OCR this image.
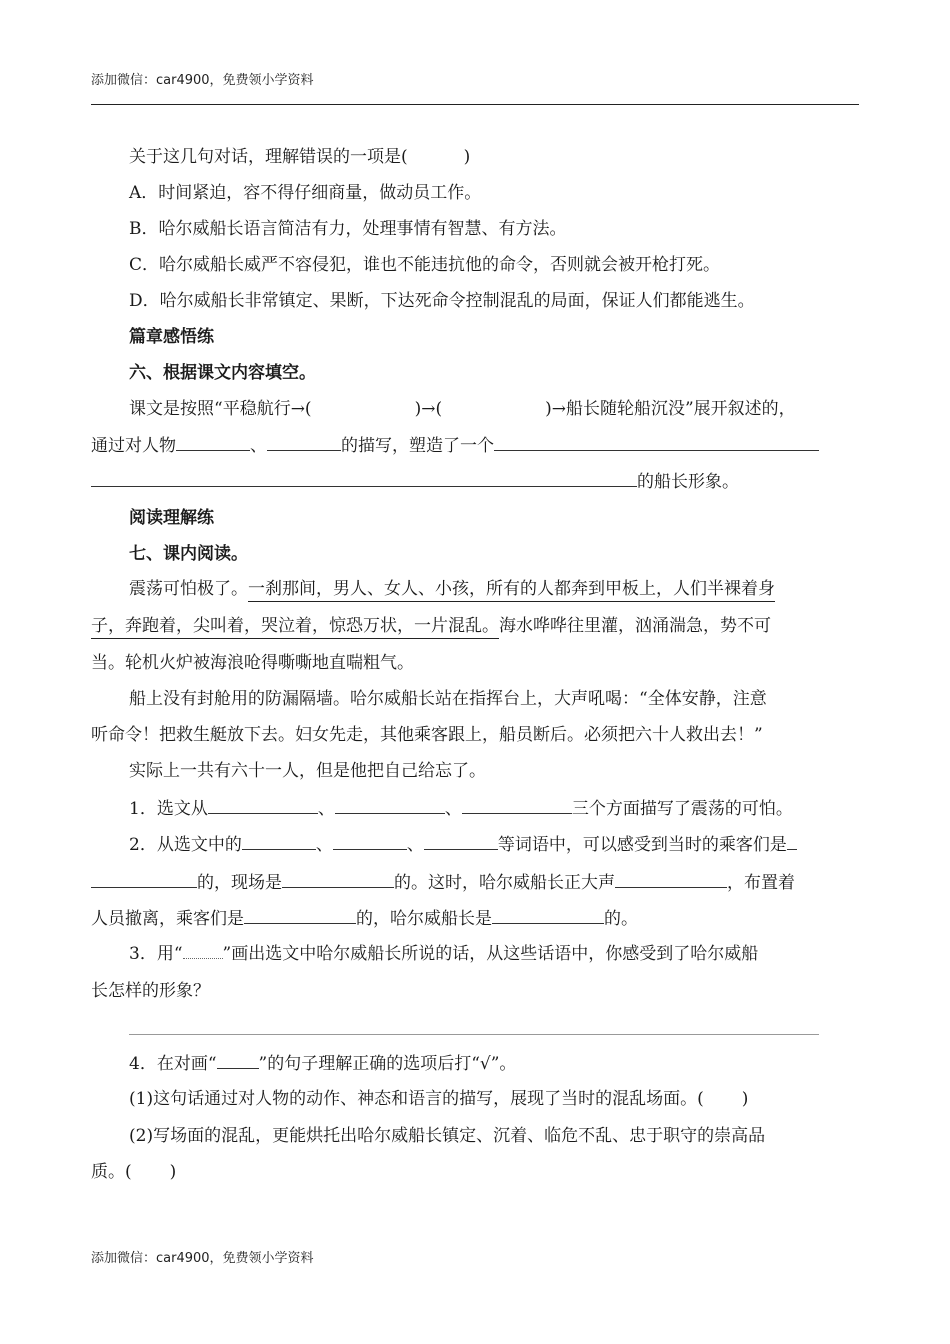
添加微信：car4900，免费领小学资料
关于这几句对话，理解错误的一项是(	)
A．时间紧迫，容不得仔细商量，做动员工作。
B．哈尔威船长语言简洁有力，处理事情有智慧、有方法。
C．哈尔威船长威严不容侵犯，谁也不能违抗他的命令，否则就会被开枪打死。
D．哈尔威船长非常镇定、果断，下达死命令控制混乱的局面，保证人们都能逃生。
篇章感悟练
六、根据课文内容填空。
课文是按照“平稳航行→(	)→(	)→船长随轮船沉没”展开叙述的，
通过对人物	、	的描写，塑造了一个
的船长形象。
阅读理解练
七、课内阅读。
震荡可怕极了。一刹那间，男人、女人、小孩，所有的人都奔到甲板上，人们半裸着身
子，奔跑着，尖叫着，哭泣着，惊恐万状，一片混乱。海水哗哗往里灌，汹涌湍急，势不可
当。轮机火炉被海浪呛得嘶嘶地直喘粗气。
船上没有封舱用的防漏隔墙。哈尔威船长站在指挥台上，大声吼喝：“全体安静，注意
听命令！把救生艇放下去。妇女先走，其他乘客跟上，船员断后。必须把六十人救出去！”
实际上一共有六十一人，但是他把自己给忘了。
1．选文从	、	、	三个方面描写了震荡的可怕。
2．从选文中的	、	、	等词语中，可以感受到当时的乘客们是
的，现场是	的。这时，哈尔威船长正大声	，布置着
人员撤离，乘客们是	的，哈尔威船长是	的。
3．用“ ”画出选文中哈尔威船长所说的话，从这些话语中，你感受到了哈尔威船
长怎样的形象？
4．在对画“ ”的句子理解正确的选项后打“√”。
(1)这句话通过对人物的动作、神态和语言的描写，展现了当时的混乱场面。( )
(2)写场面的混乱，更能烘托出哈尔威船长镇定、沉着、临危不乱、忠于职守的崇高品
质。( )
添加微信：car4900，免费领小学资料
